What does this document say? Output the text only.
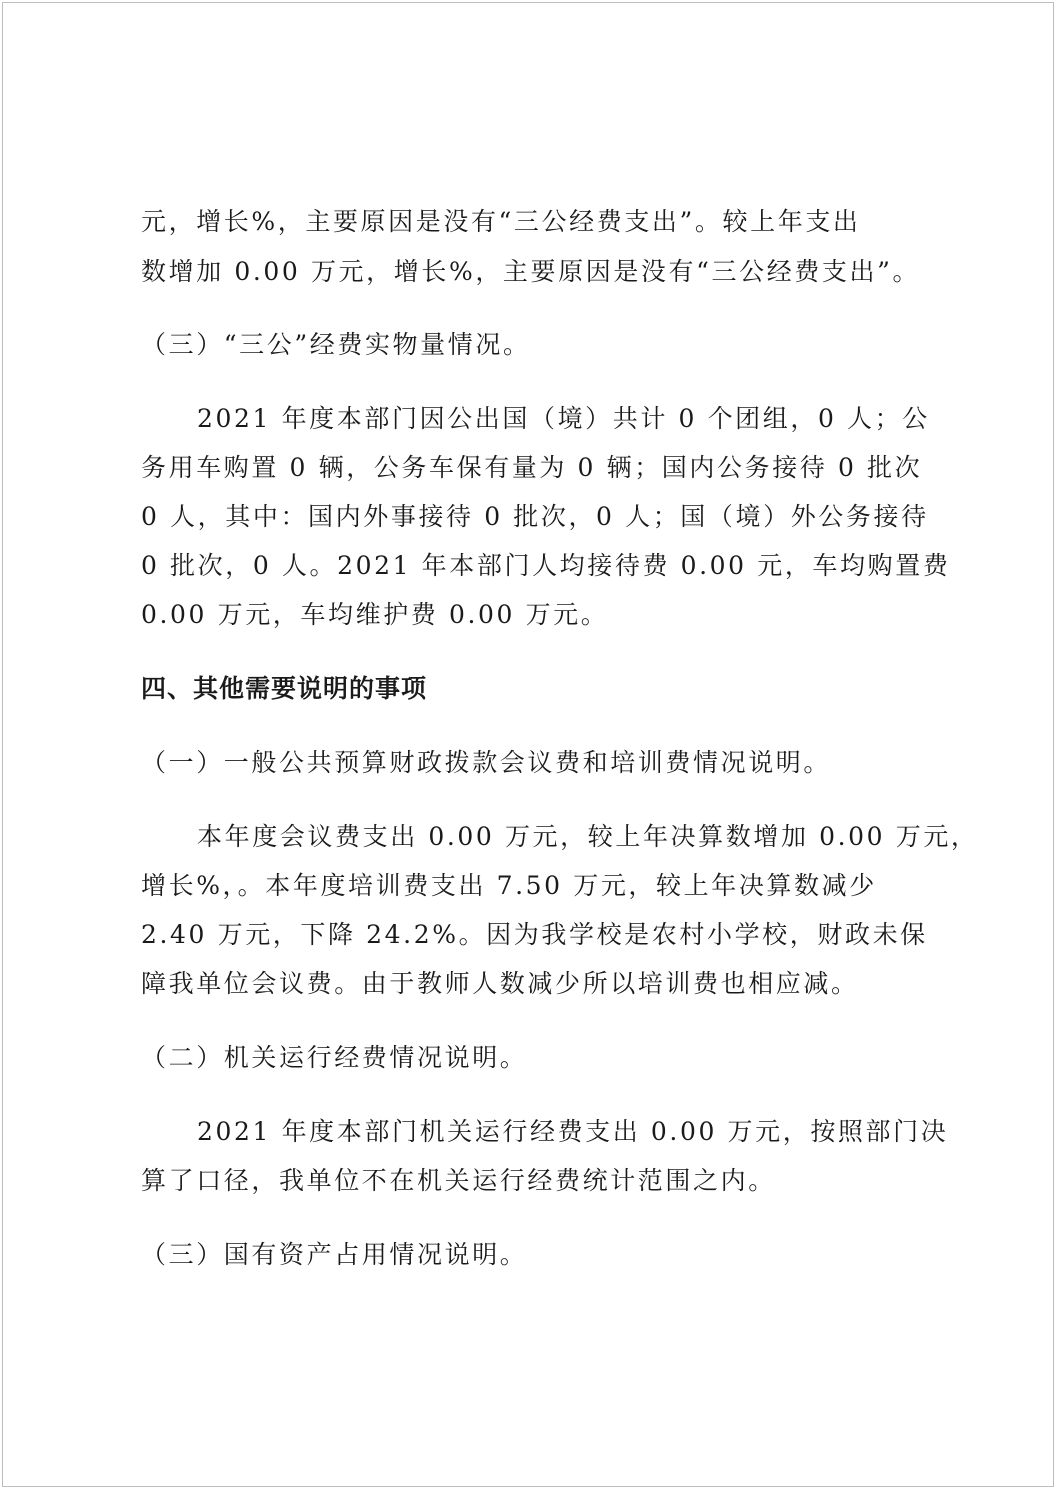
元，增长%，主要原因是没有“三公经费支出”。较上年支出
数增加 0.00 万元，增长%，主要原因是没有“三公经费支出”。
（三）“三公”经费实物量情况。
2021 年度本部门因公出国（境）共计 0 个团组，0 人；公
务用车购置 0 辆，公务车保有量为 0 辆；国内公务接待 0 批次
0 人，其中：国内外事接待 0 批次，0 人；国（境）外公务接待
0 批次，0 人。2021 年本部门人均接待费 0.00 元，车均购置费
0.00 万元，车均维护费 0.00 万元。
四、其他需要说明的事项
（一）一般公共预算财政拨款会议费和培训费情况说明。
本年度会议费支出 0.00 万元，较上年决算数增加 0.00 万元，
增长%，。本年度培训费支出 7.50 万元，较上年决算数减少
2.40 万元，下降 24.2%。因为我学校是农村小学校，财政未保
障我单位会议费。由于教师人数减少所以培训费也相应减。
（二）机关运行经费情况说明。
2021 年度本部门机关运行经费支出 0.00 万元，按照部门决
算了口径，我单位不在机关运行经费统计范围之内。
（三）国有资产占用情况说明。
